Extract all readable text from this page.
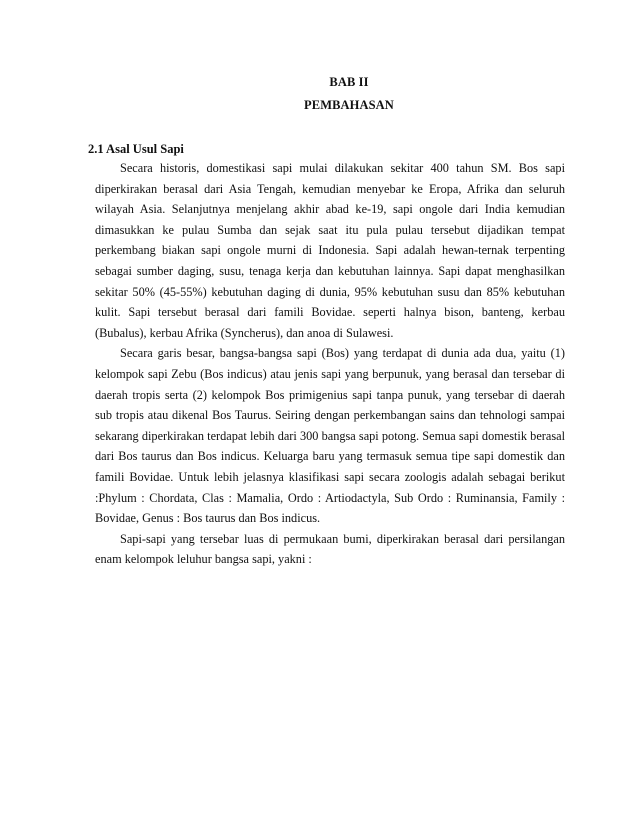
BAB II
PEMBAHASAN
2.1 Asal Usul Sapi

Secara historis, domestikasi sapi mulai dilakukan sekitar 400 tahun SM. Bos sapi diperkirakan berasal dari Asia Tengah, kemudian menyebar ke Eropa, Afrika dan seluruh wilayah Asia. Selanjutnya menjelang akhir abad ke-19, sapi ongole dari India kemudian dimasukkan ke pulau Sumba dan sejak saat itu pula pulau tersebut dijadikan tempat perkembang biakan sapi ongole murni di Indonesia. Sapi adalah hewan-ternak terpenting sebagai sumber daging, susu, tenaga kerja dan kebutuhan lainnya. Sapi dapat menghasilkan sekitar 50% (45-55%) kebutuhan daging di dunia, 95% kebutuhan susu dan 85% kebutuhan kulit. Sapi tersebut berasal dari famili Bovidae. seperti halnya bison, banteng, kerbau (Bubalus), kerbau Afrika (Syncherus), dan anoa di Sulawesi.

Secara garis besar, bangsa-bangsa sapi (Bos) yang terdapat di dunia ada dua, yaitu (1) kelompok sapi Zebu (Bos indicus) atau jenis sapi yang berpunuk, yang berasal dan tersebar di daerah tropis serta (2) kelompok Bos primigenius sapi tanpa punuk, yang tersebar di daerah sub tropis atau dikenal Bos Taurus. Seiring dengan perkembangan sains dan tehnologi sampai sekarang diperkirakan terdapat lebih dari 300 bangsa sapi potong. Semua sapi domestik berasal dari Bos taurus dan Bos indicus. Keluarga baru yang termasuk semua tipe sapi domestik dan famili Bovidae. Untuk lebih jelasnya klasifikasi sapi secara zoologis adalah sebagai berikut :Phylum : Chordata, Clas : Mamalia, Ordo : Artiodactyla, Sub Ordo : Ruminansia, Family : Bovidae, Genus : Bos taurus dan Bos indicus.

Sapi-sapi yang tersebar luas di permukaan bumi, diperkirakan berasal dari persilangan enam kelompok leluhur bangsa sapi, yakni :
